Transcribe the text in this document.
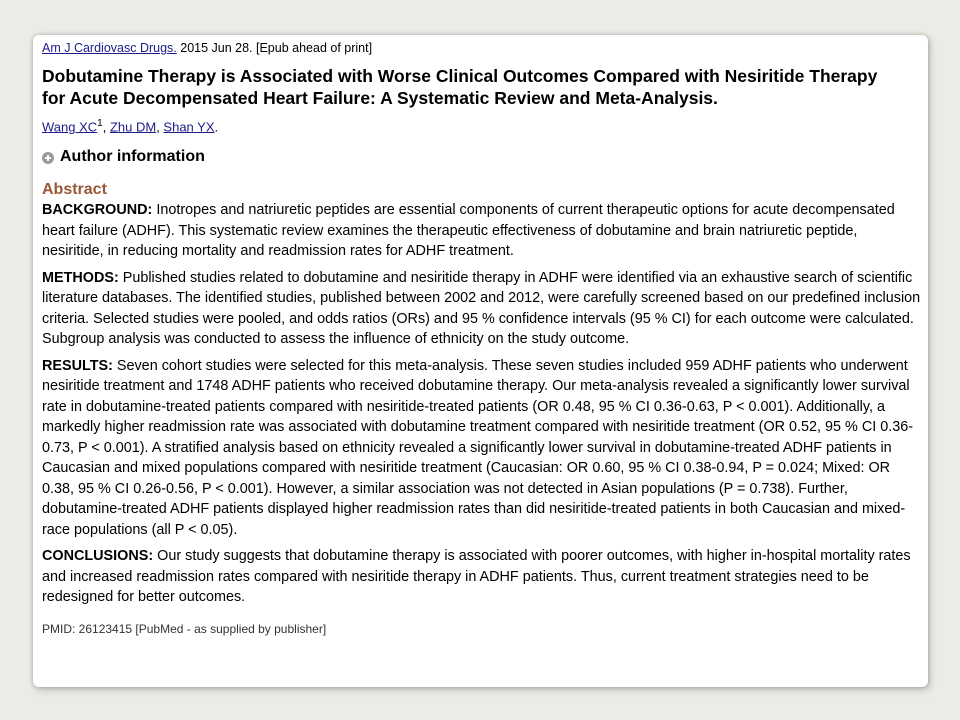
Am J Cardiovasc Drugs. 2015 Jun 28. [Epub ahead of print]
Dobutamine Therapy is Associated with Worse Clinical Outcomes Compared with Nesiritide Therapy for Acute Decompensated Heart Failure: A Systematic Review and Meta-Analysis.
Wang $XC^1$, Zhu DM, Shan YX.
Author information
Abstract

BACKGROUND: Inotropes and natriuretic peptides are essential components of current therapeutic options for acute decompensated heart failure (ADHF). This systematic review examines the therapeutic effectiveness of dobutamine and brain natriuretic peptide, nesiritide, in reducing mortality and readmission rates for ADHF treatment.

METHODS: Published studies related to dobutamine and nesiritide therapy in ADHF were identified via an exhaustive search of scientific literature databases. The identified studies, published between 2002 and 2012, were carefully screened based on our predefined inclusion criteria. Selected studies were pooled, and odds ratios (ORs) and 95 % confidence intervals (95 % CI) for each outcome were calculated. Subgroup analysis was conducted to assess the influence of ethnicity on the study outcome.

RESULTS: Seven cohort studies were selected for this meta-analysis. These seven studies included 959 ADHF patients who underwent nesiritide treatment and 1748 ADHF patients who received dobutamine therapy. Our meta-analysis revealed a significantly lower survival rate in dobutamine-treated patients compared with nesiritide-treated patients (OR 0.48, 95 % CI 0.36-0.63, P < 0.001). Additionally, a markedly higher readmission rate was associated with dobutamine treatment compared with nesiritide treatment (OR 0.52, 95 % CI 0.36-0.73, P < 0.001). A stratified analysis based on ethnicity revealed a significantly lower survival in dobutamine-treated ADHF patients in Caucasian and mixed populations compared with nesiritide treatment (Caucasian: OR 0.60, 95 % CI 0.38-0.94, P = 0.024; Mixed: OR 0.38, 95 % CI 0.26-0.56, P < 0.001). However, a similar association was not detected in Asian populations (P = 0.738). Further, dobutamine-treated ADHF patients displayed higher readmission rates than did nesiritide-treated patients in both Caucasian and mixed-race populations (all P < 0.05).

CONCLUSIONS: Our study suggests that dobutamine therapy is associated with poorer outcomes, with higher in-hospital mortality rates and increased readmission rates compared with nesiritide therapy in ADHF patients. Thus, current treatment strategies need to be redesigned for better outcomes.

PMID: 26123415 [PubMed - as supplied by publisher]
